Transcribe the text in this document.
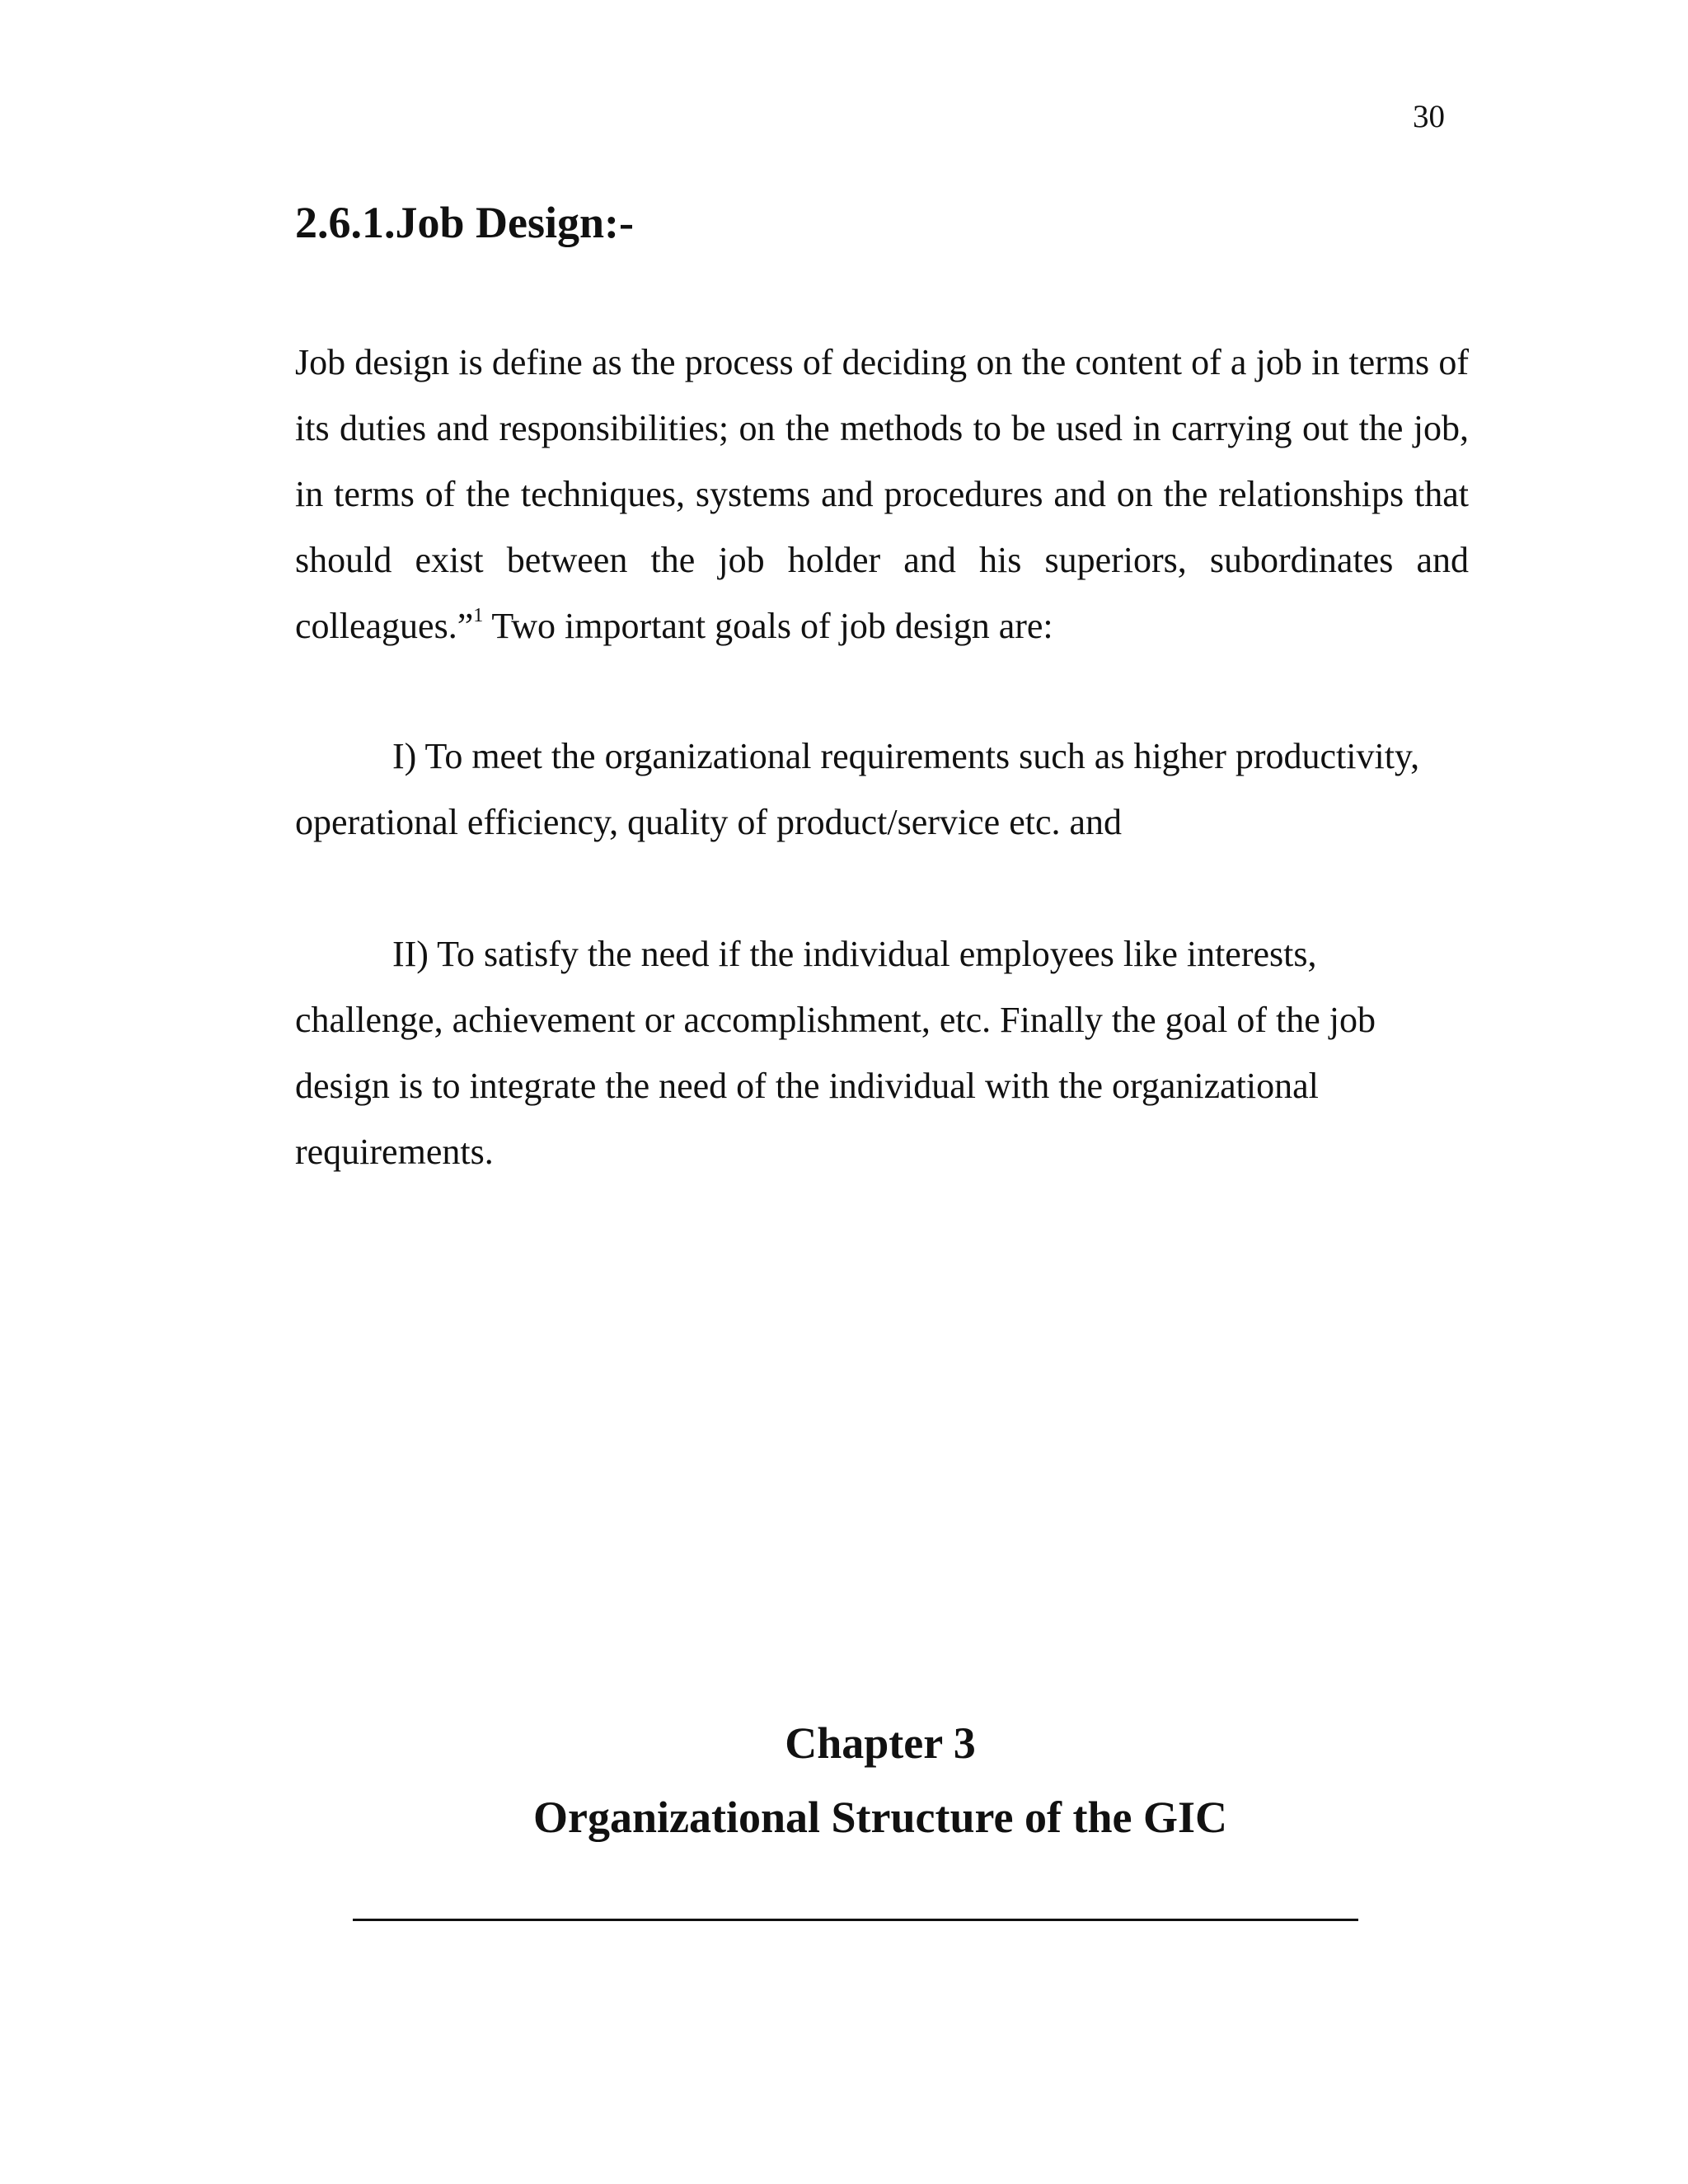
30
2.6.1.Job Design:-

Job design is define as the process of deciding on the content of a job in terms of its duties and responsibilities; on the methods to be used in carrying out the job, in terms of the techniques, systems and procedures and on the relationships that should exist between the job holder and his superiors, subordinates and colleagues.”$^1$ Two important goals of job design are:

I) To meet the organizational requirements such as higher productivity, operational efficiency, quality of product/service etc. and

II) To satisfy the need if the individual employees like interests, challenge, achievement or accomplishment, etc. Finally the goal of the job design is to integrate the need of the individual with the organizational requirements.

Chapter 3
Organizational Structure of the GIC
